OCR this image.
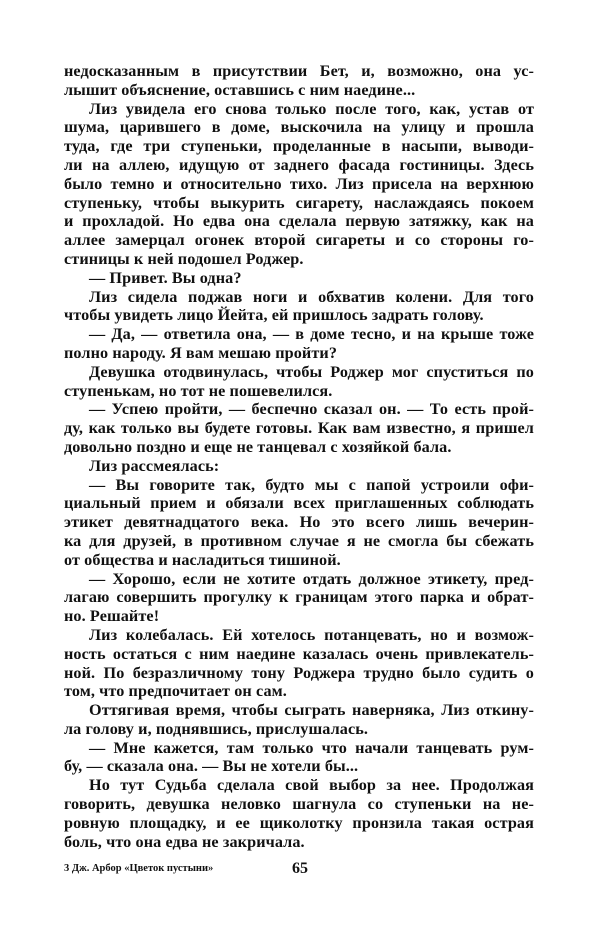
недосказанным в присутствии Бет, и, возможно, она ус-
лышит объяснение, оставшись с ним наедине...
Лиз увидела его снова только после того, как, устав от
шума, царившего в доме, выскочила на улицу и прошла
туда, где три ступеньки, проделанные в насыпи, выводи-
ли на аллею, идущую от заднего фасада гостиницы. Здесь
было темно и относительно тихо. Лиз присела на верхнюю
ступеньку, чтобы выкурить сигарету, наслаждаясь покоем
и прохладой. Но едва она сделала первую затяжку, как на
аллее замерцал огонек второй сигареты и со стороны го-
стиницы к ней подошел Роджер.
— Привет. Вы одна?
Лиз сидела поджав ноги и обхватив колени. Для того
чтобы увидеть лицо Йейта, ей пришлось задрать голову.
— Да, — ответила она, — в доме тесно, и на крыше тоже
полно народу. Я вам мешаю пройти?
Девушка отодвинулась, чтобы Роджер мог спуститься по
ступенькам, но тот не пошевелился.
— Успею пройти, — беспечно сказал он. — То есть прой-
ду, как только вы будете готовы. Как вам известно, я пришел
довольно поздно и еще не танцевал с хозяйкой бала.
Лиз рассмеялась:
— Вы говорите так, будто мы с папой устроили офи-
циальный прием и обязали всех приглашенных соблюдать
этикет девятнадцатого века. Но это всего лишь вечерин-
ка для друзей, в противном случае я не смогла бы сбежать
от общества и насладиться тишиной.
— Хорошо, если не хотите отдать должное этикету, пред-
лагаю совершить прогулку к границам этого парка и обрат-
но. Решайте!
Лиз колебалась. Ей хотелось потанцевать, но и возмож-
ность остаться с ним наедине казалась очень привлекатель-
ной. По безразличному тону Роджера трудно было судить о
том, что предпочитает он сам.
Оттягивая время, чтобы сыграть наверняка, Лиз откину-
ла голову и, поднявшись, прислушалась.
— Мне кажется, там только что начали танцевать рум-
бу, — сказала она. — Вы не хотели бы...
Но тут Судьба сделала свой выбор за нее. Продолжая
говорить, девушка неловко шагнула со ступеньки на не-
ровную площадку, и ее щиколотку пронзила такая острая
боль, что она едва не закричала.
3 Дж. Арбор «Цветок пустыни»	65
